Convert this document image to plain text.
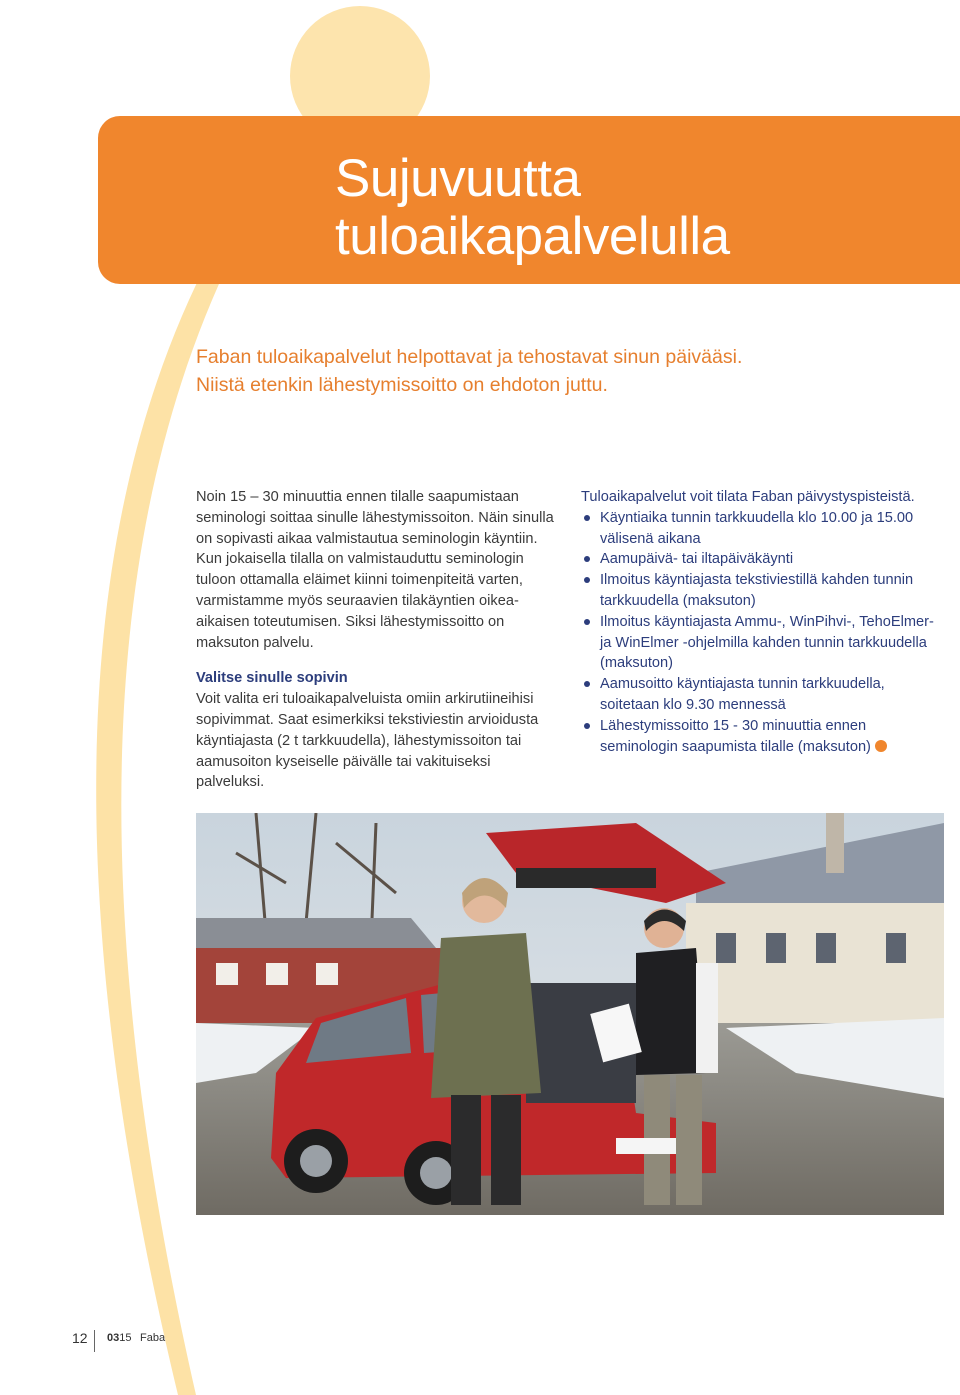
Sujuvuutta
tuloaikapalvelulla
Faban tuloaikapalvelut helpottavat ja tehostavat sinun päivääsi.
Niistä etenkin lähestymissoitto on ehdoton juttu.

Noin 15 – 30 minuuttia ennen tilalle saapumistaan seminologi soittaa sinulle lähestymissoiton. Näin sinulla on sopivasti aikaa valmistautua seminologin käyntiin. Kun jokaisella tilalla on valmistauduttu seminologin tuloon ottamalla eläimet kiinni toimenpiteitä varten, varmistamme myös seuraavien tilakäyntien oikea-aikaisen toteutumisen. Siksi lähestymissoitto on maksuton palvelu.

Valitse sinulle sopivin

Voit valita eri tuloaikapalveluista omiin arkirutiineihisi sopivimmat. Saat esimerkiksi tekstiviestin arvioidusta käyntiajasta (2 t tarkkuudella), lähestymissoiton tai aamusoiton kyseiselle päivälle tai vakituiseksi palveluksi.

Tuloaikapalvelut voit tilata Faban päivystyspisteistä.

Käyntiaika tunnin tarkkuudella klo 10.00 ja 15.00 välisenä aikana
Aamupäivä- tai iltapäiväkäynti
Ilmoitus käyntiajasta tekstiviestillä kahden tunnin tarkkuudella (maksuton)
Ilmoitus käyntiajasta Ammu-, WinPihvi-, TehoElmer- ja WinElmer -ohjelmilla kahden tunnin tarkkuudella (maksuton)
Aamusoitto käyntiajasta tunnin tarkkuudella, soitetaan klo 9.30 mennessä
Lähestymissoitto 15 - 30 minuuttia ennen seminologin saapumista tilalle (maksuton)
12	0315 Faba
